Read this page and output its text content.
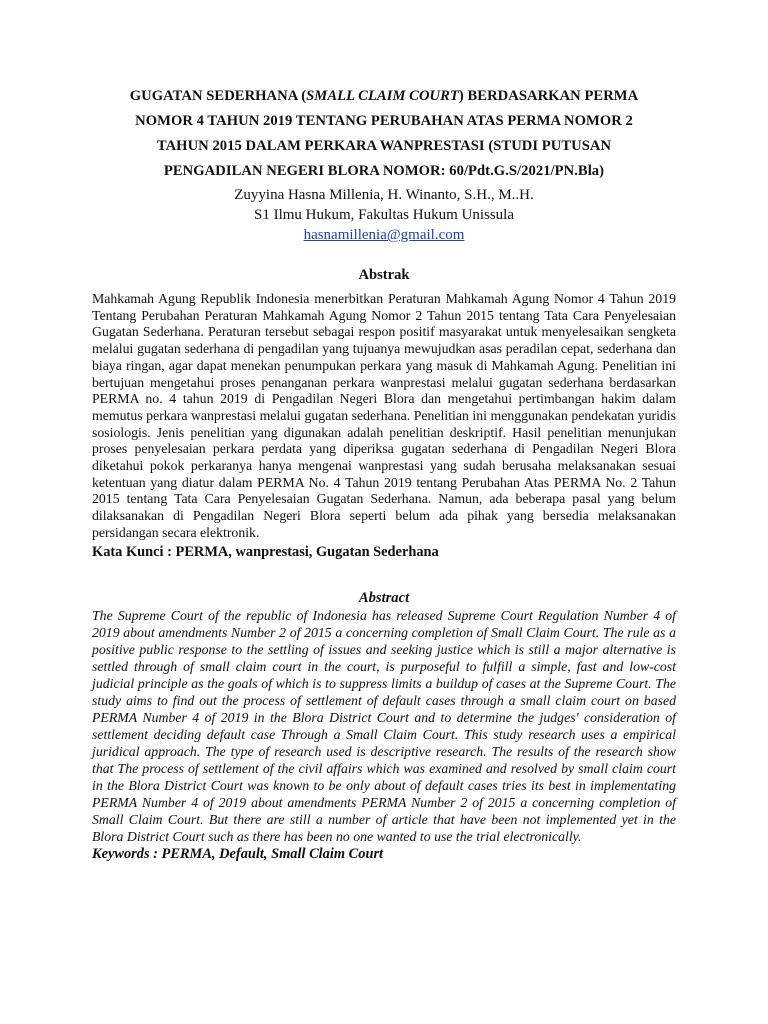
GUGATAN SEDERHANA (SMALL CLAIM COURT) BERDASARKAN PERMA
NOMOR 4 TAHUN 2019 TENTANG PERUBAHAN ATAS PERMA NOMOR 2
TAHUN 2015 DALAM PERKARA WANPRESTASI (STUDI PUTUSAN
PENGADILAN NEGERI BLORA NOMOR: 60/Pdt.G.S/2021/PN.Bla)

Zuyyina Hasna Millenia, H. Winanto, S.H., M..H.

S1 Ilmu Hukum, Fakultas Hukum Unissula

hasnamillenia@gmail.com

Abstrak

Mahkamah Agung Republik Indonesia menerbitkan Peraturan Mahkamah Agung Nomor 4 Tahun 2019 Tentang Perubahan Peraturan Mahkamah Agung Nomor 2 Tahun 2015 tentang Tata Cara Penyelesaian Gugatan Sederhana. Peraturan tersebut sebagai respon positif masyarakat untuk menyelesaikan sengketa melalui gugatan sederhana di pengadilan yang tujuanya mewujudkan asas peradilan cepat, sederhana dan biaya ringan, agar dapat menekan penumpukan perkara yang masuk di Mahkamah Agung. Penelitian ini bertujuan mengetahui proses penanganan perkara wanprestasi melalui gugatan sederhana berdasarkan PERMA no. 4 tahun 2019 di Pengadilan Negeri Blora dan mengetahui pertimbangan hakim dalam memutus perkara wanprestasi melalui gugatan sederhana. Penelitian ini menggunakan pendekatan yuridis sosiologis. Jenis penelitian yang digunakan adalah penelitian deskriptif. Hasil penelitian menunjukan proses penyelesaian perkara perdata yang diperiksa gugatan sederhana di Pengadilan Negeri Blora diketahui pokok perkaranya hanya mengenai wanprestasi yang sudah berusaha melaksanakan sesuai ketentuan yang diatur dalam PERMA No. 4 Tahun 2019 tentang Perubahan Atas PERMA No. 2 Tahun 2015 tentang Tata Cara Penyelesaian Gugatan Sederhana. Namun, ada beberapa pasal yang belum dilaksanakan di Pengadilan Negeri Blora seperti belum ada pihak yang bersedia melaksanakan persidangan secara elektronik.

Kata Kunci : PERMA, wanprestasi, Gugatan Sederhana

Abstract

The Supreme Court of the republic of Indonesia has released Supreme Court Regulation Number 4 of 2019 about amendments Number 2 of 2015 a concerning completion of Small Claim Court. The rule as a positive public response to the settling of issues and seeking justice which is still a major alternative is settled through of small claim court in the court, is purposeful to fulfill a simple, fast and low-cost judicial principle as the goals of which is to suppress limits a buildup of cases at the Supreme Court. The study aims to find out the process of settlement of default cases through a small claim court on based PERMA Number 4 of 2019 in the Blora District Court and to determine the judges' consideration of settlement deciding default case Through a Small Claim Court. This study research uses a empirical juridical approach. The type of research used is descriptive research. The results of the research show that The process of settlement of the civil affairs which was examined and resolved by small claim court in the Blora District Court was known to be only about of default cases tries its best in implementating PERMA Number 4 of 2019 about amendments PERMA Number 2 of 2015 a concerning completion of Small Claim Court. But there are still a number of article that have been not implemented yet in the Blora District Court such as there has been no one wanted to use the trial electronically.

Keywords : PERMA, Default, Small Claim Court
